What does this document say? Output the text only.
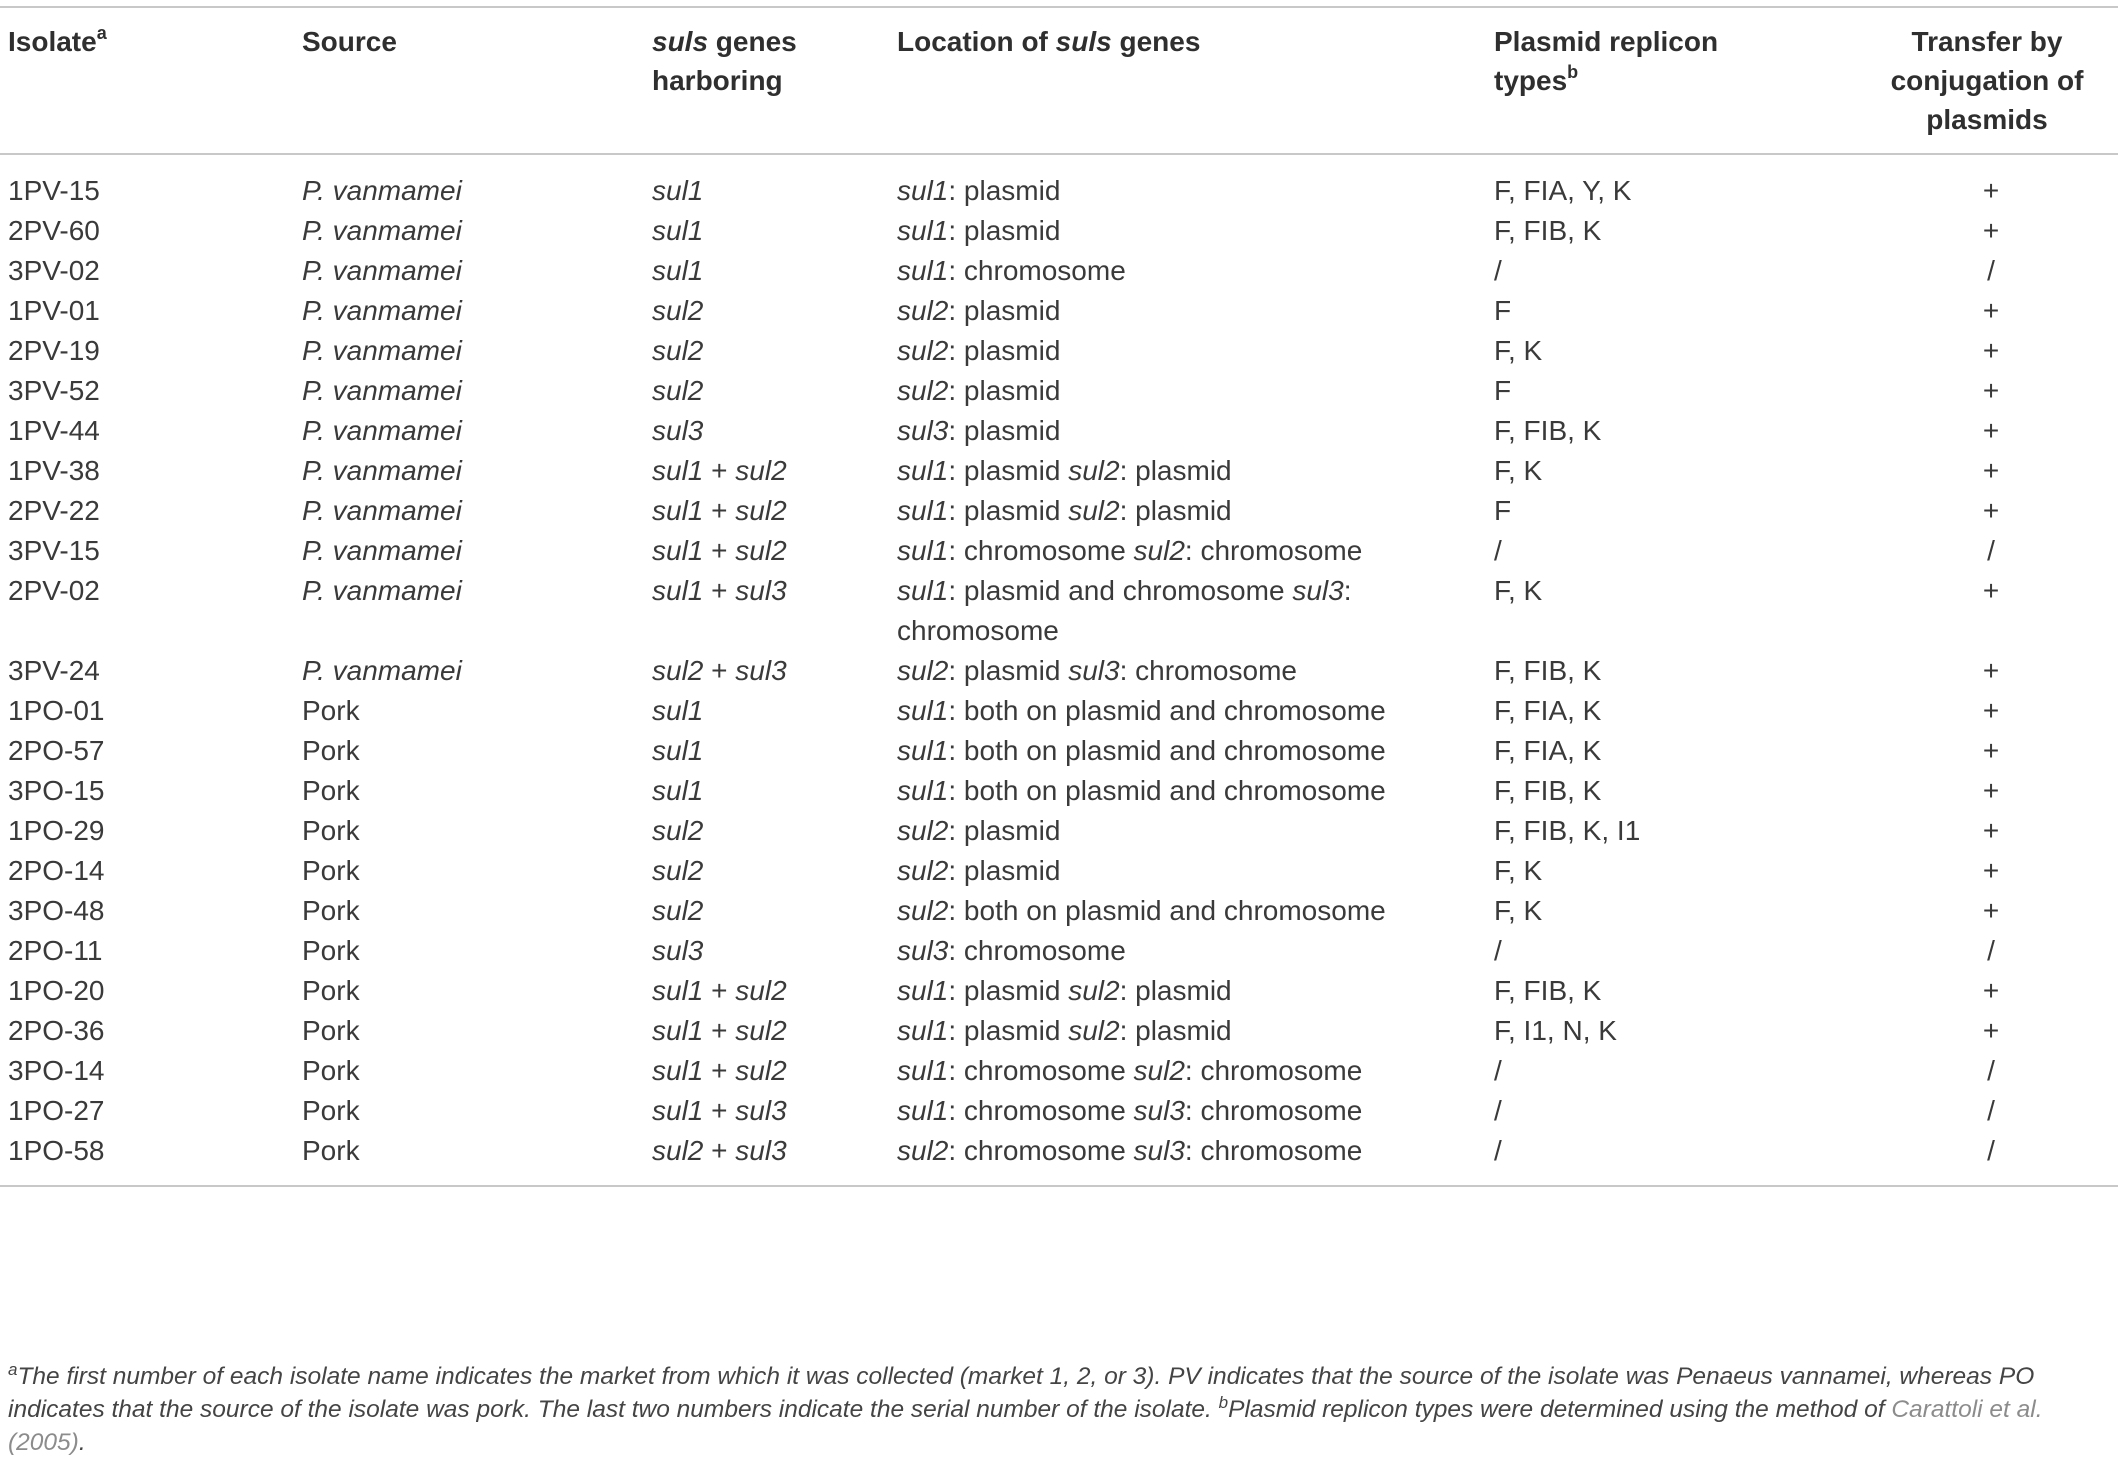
Isolate$^a$	Source	suls genes harboring	Location of suls genes	Plasmid replicon types$^b$	Transfer by conjugation of plasmids
1PV-15	P. vanmamei	sul1	sul1: plasmid	F, FIA, Y, K	+
2PV-60	P. vanmamei	sul1	sul1: plasmid	F, FIB, K	+
3PV-02	P. vanmamei	sul1	sul1: chromosome	/	/
1PV-01	P. vanmamei	sul2	sul2: plasmid	F	+
2PV-19	P. vanmamei	sul2	sul2: plasmid	F, K	+
3PV-52	P. vanmamei	sul2	sul2: plasmid	F	+
1PV-44	P. vanmamei	sul3	sul3: plasmid	F, FIB, K	+
1PV-38	P. vanmamei	sul1 + sul2	sul1: plasmid sul2: plasmid	F, K	+
2PV-22	P. vanmamei	sul1 + sul2	sul1: plasmid sul2: plasmid	F	+
3PV-15	P. vanmamei	sul1 + sul2	sul1: chromosome sul2: chromosome	/	/
2PV-02	P. vanmamei	sul1 + sul3	sul1: plasmid and chromosome sul3: chromosome	F, K	+
3PV-24	P. vanmamei	sul2 + sul3	sul2: plasmid sul3: chromosome	F, FIB, K	+
1PO-01	Pork	sul1	sul1: both on plasmid and chromosome	F, FIA, K	+
2PO-57	Pork	sul1	sul1: both on plasmid and chromosome	F, FIA, K	+
3PO-15	Pork	sul1	sul1: both on plasmid and chromosome	F, FIB, K	+
1PO-29	Pork	sul2	sul2: plasmid	F, FIB, K, I1	+
2PO-14	Pork	sul2	sul2: plasmid	F, K	+
3PO-48	Pork	sul2	sul2: both on plasmid and chromosome	F, K	+
2PO-11	Pork	sul3	sul3: chromosome	/	/
1PO-20	Pork	sul1 + sul2	sul1: plasmid sul2: plasmid	F, FIB, K	+
2PO-36	Pork	sul1 + sul2	sul1: plasmid sul2: plasmid	F, I1, N, K	+
3PO-14	Pork	sul1 + sul2	sul1: chromosome sul2: chromosome	/	/
1PO-27	Pork	sul1 + sul3	sul1: chromosome sul3: chromosome	/	/
1PO-58	Pork	sul2 + sul3	sul2: chromosome sul3: chromosome	/	/

$^a$The first number of each isolate name indicates the market from which it was collected (market 1, 2, or 3). PV indicates that the source of the isolate was Penaeus vannamei, whereas PO indicates that the source of the isolate was pork. The last two numbers indicate the serial number of the isolate. $^b$Plasmid replicon types were determined using the method of Carattoli et al. (2005).
